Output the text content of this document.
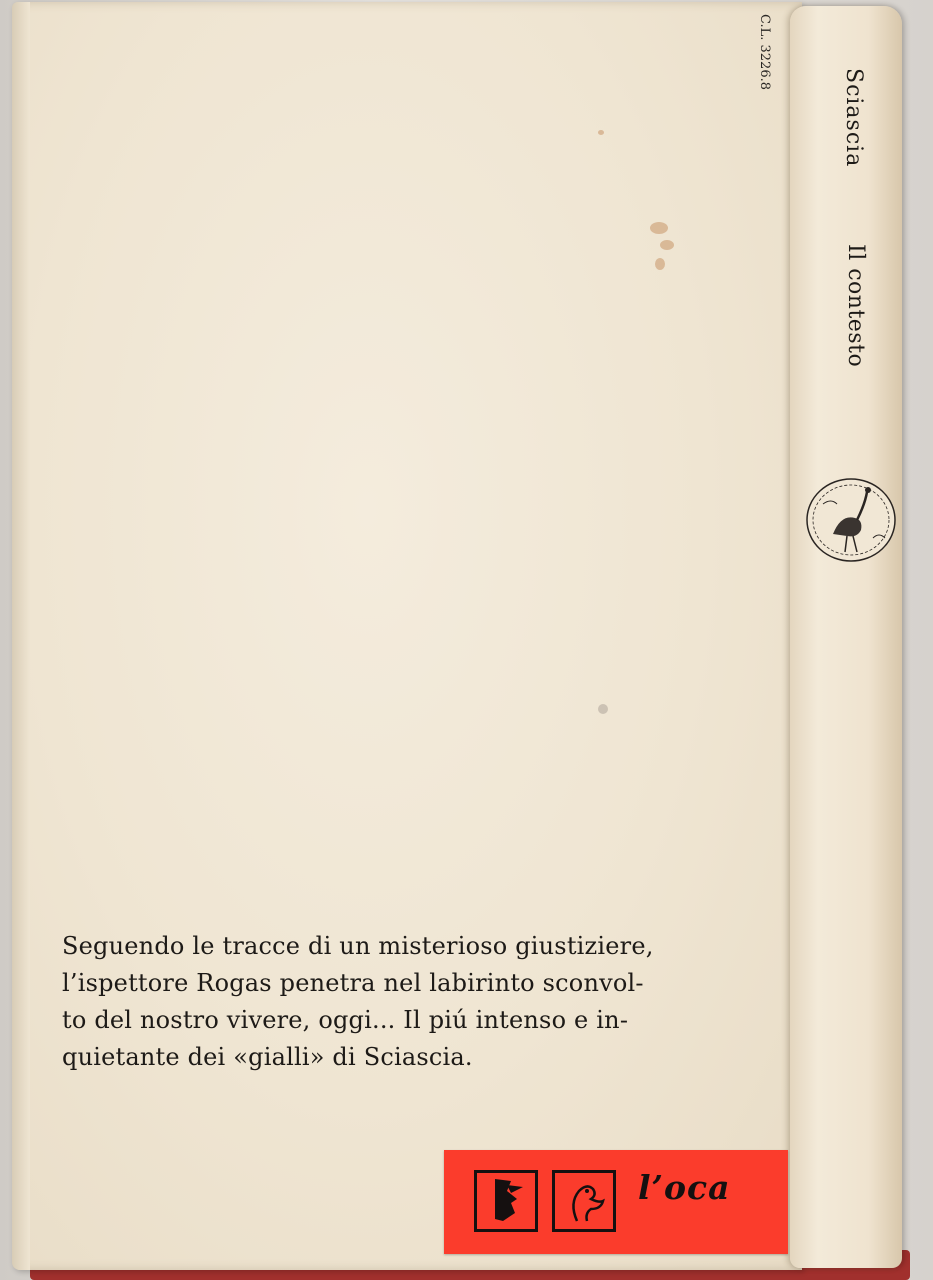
C.L. 3226.8
Seguendo le tracce di un misterioso giustiziere,
l’ispettore Rogas penetra nel labirinto sconvol-
to del nostro vivere, oggi... Il piú intenso e in-
quietante dei «gialli» di Sciascia.
Sciascia
Il contesto
l’oca
